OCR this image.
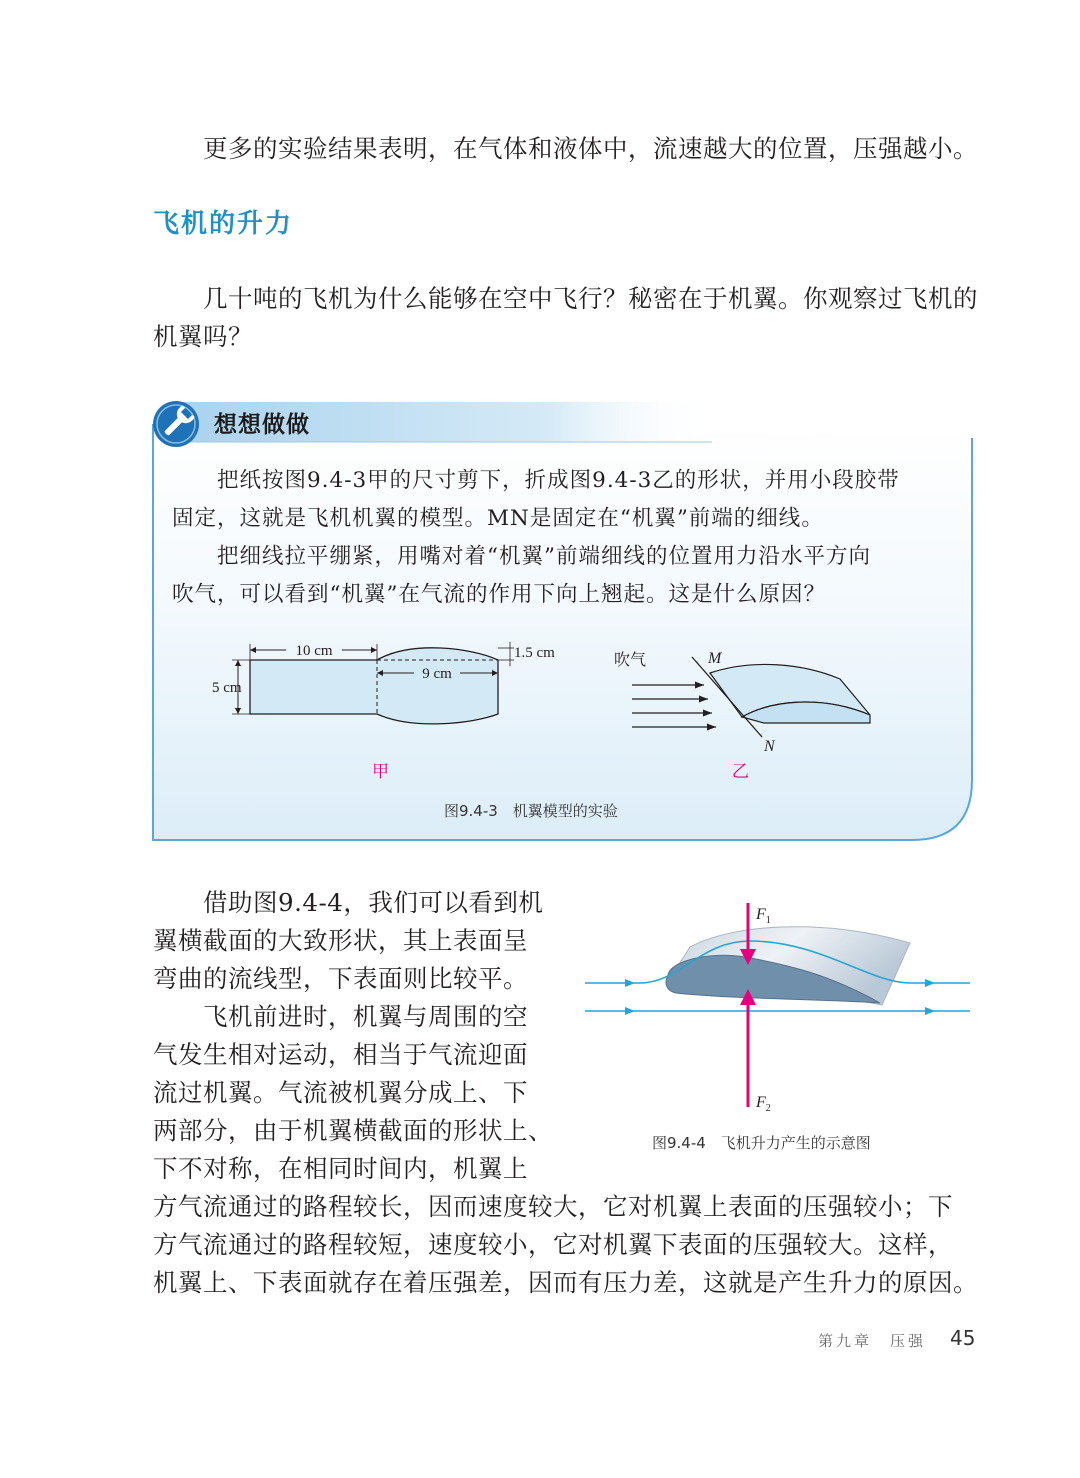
　　更多的实验结果表明，在气体和液体中，流速越大的位置，压强越小。

飞机的升力

　　几十吨的飞机为什么能够在空中飞行？秘密在于机翼。你观察过飞机的

机翼吗？

想想做做

　　把纸按图9.4-3甲的尺寸剪下，折成图9.4-3乙的形状，并用小段胶带

固定，这就是飞机机翼的模型。MN是固定在“机翼”前端的细线。

　　把细线拉平绷紧，用嘴对着“机翼”前端细线的位置用力沿水平方向

吹气，可以看到“机翼”在气流的作用下向上翘起。这是什么原因？

10 cm
9 cm
1.5 cm
5 cm
吹气	M
N

甲	乙

图9.4-3　机翼模型的实验

　　借助图9.4-4，我们可以看到机

翼横截面的大致形状，其上表面呈

弯曲的流线型，下表面则比较平。

　　飞机前进时，机翼与周围的空

气发生相对运动，相当于气流迎面

流过机翼。气流被机翼分成上、下

两部分，由于机翼横截面的形状上、

下不对称，在相同时间内，机翼上

方气流通过的路程较长，因而速度较大，它对机翼上表面的压强较小；下

方气流通过的路程较短，速度较小，它对机翼下表面的压强较大。这样，

机翼上、下表面就存在着压强差，因而有压力差，这就是产生升力的原因。

$F_1$
$F_2$

图9.4-4　飞机升力产生的示意图

第九章　压强 45
